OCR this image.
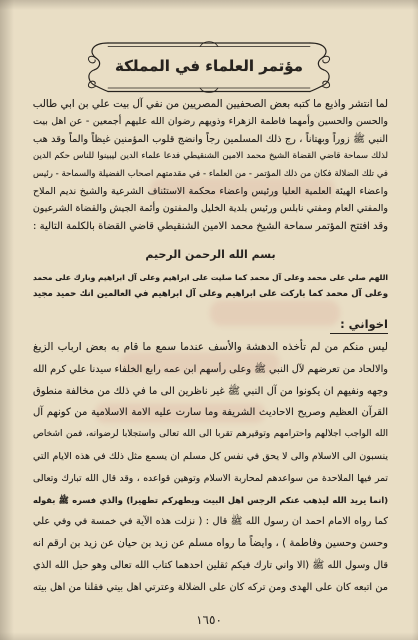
مؤتمر العلماء في المملكة
لما انتشر واذيع ما كتبه بعض الصحفيين المصريين من نفي آل بيت علي بن ابي طالب
والحسن والحسين وأمهما فاطمة الزهراء وذويهم رضوان الله عليهم أجمعين - عن اهل بيت
النبي ﷺ زوراً وبهتاناً ، رج ذلك المسلمين رجاً وانضج قلوب المؤمنين غيظاً والماً وقد هب
لذلك سماحة قاضي القضاة الشيخ محمد الامين الشنقيطي فدعا علماء الدين ليبينوا للناس حكم الدين
في تلك الضلالة فكان من ذلك المؤتمر - من العلماء - في مقدمتهم اصحاب الفضيلة والسماحة - رئيس
واعضاء الهيئة العلمية العليا ورئيس واعضاء محكمة الاستئناف الشرعية والشيخ نديم الملاح
والمفتي العام ومفتي نابلس ورئيس بلدية الخليل والمفتون وأئمة الجيش والقضاة الشرعيون
وقد افتتح المؤتمر سماحة الشيخ محمد الامين الشنقيطي قاضي القضاة بالكلمة التالية :
بسم الله الرحمن الرحيم
اللهم صلي على محمد وعلى آل محمد كما صليت على ابراهيم وعلى آل ابراهيم وبارك على محمد
وعلى آل محمد كما باركت على ابراهيم وعلى آل ابراهيم في العالمين انك حميد مجيد
اخواني :
ليس منكم من لم تأخذه الدهشة والأسف عندما سمع ما قام به بعض ارباب الزيغ
والالحاد من تعرضهم لآل النبي ﷺ وعلى رأسهم ابن عمه رابع الخلفاء سيدنا علي كرم الله
وجهه ونفيهم ان يكونوا من آل النبي ﷺ غير ناظرين الى ما في ذلك من مخالفة منطوق
القرآن العظيم وصريح الاحاديث الشريفة وما سارت عليه الامة الاسلامية من كونهم آل
الله الواجب اجلالهم واحترامهم وتوقيرهم تقربا الى الله تعالى واستجلابا لرضوانه، فمن اشخاص
ينسبون الى الاسلام والى لا يحق في نفس كل مسلم ان يسمع مثل ذلك في هذه الايام التي
تمر فيها الملاحدة من سواعدهم لمحاربة الاسلام وتوهين قواعده ، وقد قال الله تبارك وتعالى
(انما يريد الله ليذهب عنكم الرجس اهل البيت ويطهركم تطهيرا) والذي فسره ﷺ بقوله
كما رواه الامام احمد ان رسول الله ﷺ قال : ( نزلت هذه الآية في خمسة في وفي علي
وحسن وحسين وفاطمة ) ، وايضاً ما رواه مسلم عن زيد بن حيان عن زيد بن ارقم انه
قال وسول الله ﷺ (الا واني تارك فيكم ثقلين احدهما كتاب الله تعالى وهو حبل الله الذي
من اتبعه كان على الهدى ومن تركه كان على الضلالة وعترتي اهل بيتي فقلنا من اهل بيته
١٦٥٠
